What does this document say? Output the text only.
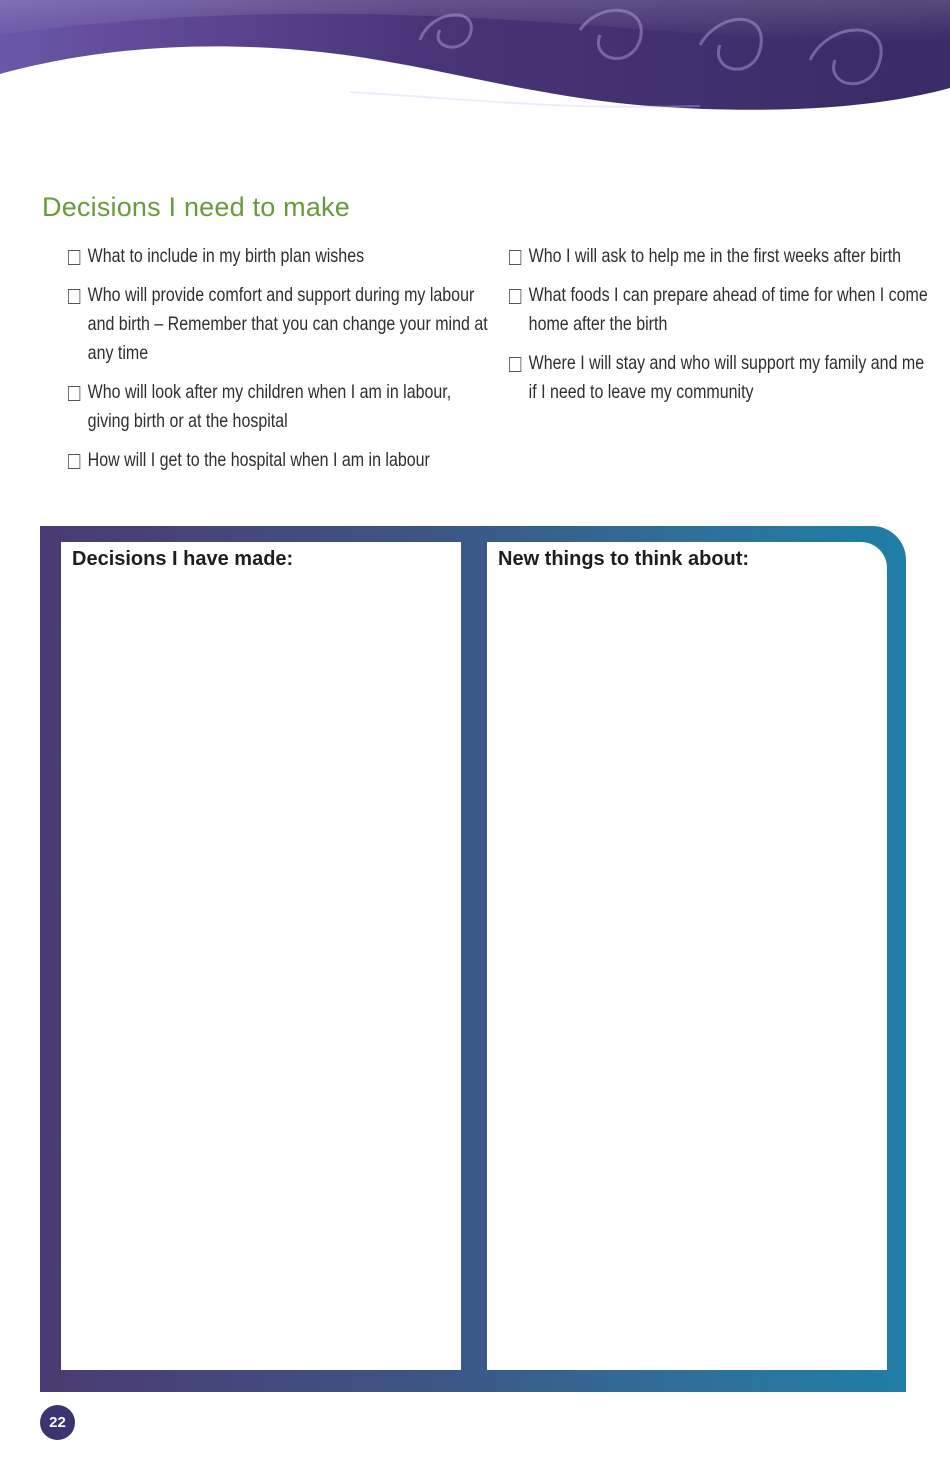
Decisions I need to make
What to include in my birth plan wishes
Who will provide comfort and support during my labour and birth – Remember that you can change your mind at any time
Who will look after my children when I am in labour, giving birth or at the hospital
How will I get to the hospital when I am in labour
Who I will ask to help me in the first weeks after birth
What foods I can prepare ahead of time for when I come home after the birth
Where I will stay and who will support my family and me if I need to leave my community
Decisions I have made:	New things to think about:
22
